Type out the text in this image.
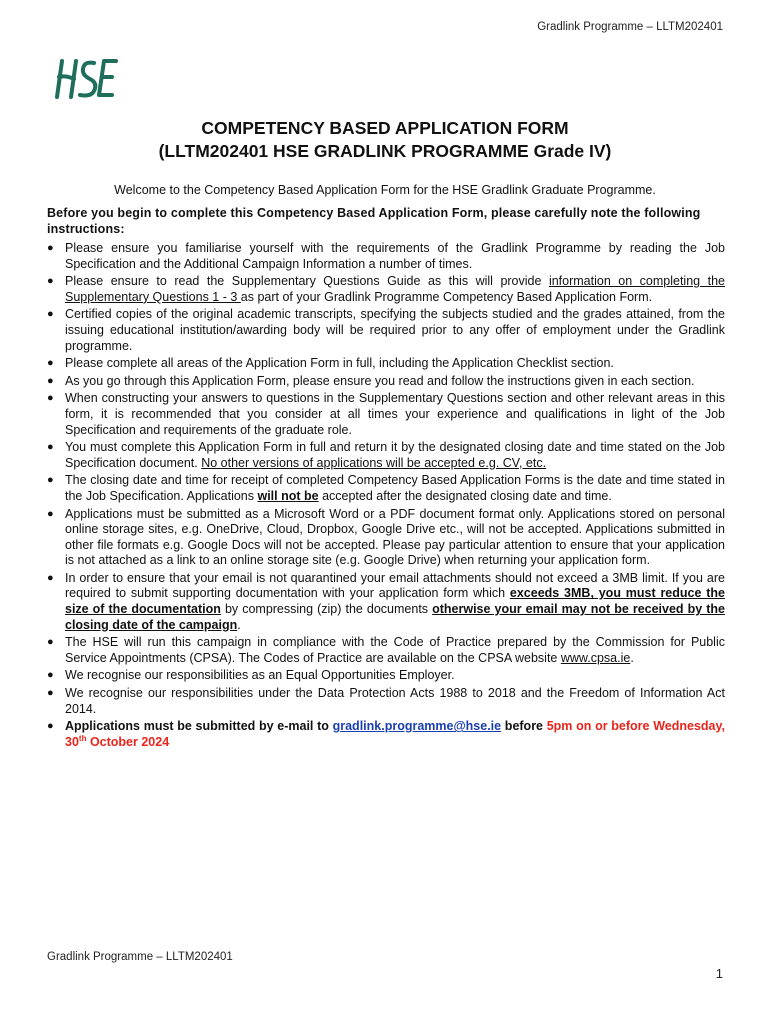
Gradlink Programme – LLTM202401
COMPETENCY BASED APPLICATION FORM
(LLTM202401 HSE GRADLINK PROGRAMME Grade IV)
Welcome to the Competency Based Application Form for the HSE Gradlink Graduate Programme.
Before you begin to complete this Competency Based Application Form, please carefully note the following instructions:
● Please ensure you familiarise yourself with the requirements of the Gradlink Programme by reading the Job Specification and the Additional Campaign Information a number of times.
● Please ensure to read the Supplementary Questions Guide as this will provide information on completing the Supplementary Questions 1 - 3 as part of your Gradlink Programme Competency Based Application Form.
● Certified copies of the original academic transcripts, specifying the subjects studied and the grades attained, from the issuing educational institution/awarding body will be required prior to any offer of employment under the Gradlink programme.
● Please complete all areas of the Application Form in full, including the Application Checklist section.
● As you go through this Application Form, please ensure you read and follow the instructions given in each section.
● When constructing your answers to questions in the Supplementary Questions section and other relevant areas in this form, it is recommended that you consider at all times your experience and qualifications in light of the Job Specification and requirements of the graduate role.
● You must complete this Application Form in full and return it by the designated closing date and time stated on the Job Specification document. No other versions of applications will be accepted e.g. CV, etc.
● The closing date and time for receipt of completed Competency Based Application Forms is the date and time stated in the Job Specification. Applications will not be accepted after the designated closing date and time.
● Applications must be submitted as a Microsoft Word or a PDF document format only. Applications stored on personal online storage sites, e.g. OneDrive, Cloud, Dropbox, Google Drive etc., will not be accepted. Applications submitted in other file formats e.g. Google Docs will not be accepted. Please pay particular attention to ensure that your application is not attached as a link to an online storage site (e.g. Google Drive) when returning your application form.
● In order to ensure that your email is not quarantined your email attachments should not exceed a 3MB limit. If you are required to submit supporting documentation with your application form which exceeds 3MB, you must reduce the size of the documentation by compressing (zip) the documents otherwise your email may not be received by the closing date of the campaign.
● The HSE will run this campaign in compliance with the Code of Practice prepared by the Commission for Public Service Appointments (CPSA). The Codes of Practice are available on the CPSA website www.cpsa.ie.
● We recognise our responsibilities as an Equal Opportunities Employer.
● We recognise our responsibilities under the Data Protection Acts 1988 to 2018 and the Freedom of Information Act 2014.
● Applications must be submitted by e-mail to gradlink.programme@hse.ie before 5pm on or before Wednesday, 30th October 2024
Gradlink Programme – LLTM202401
1
